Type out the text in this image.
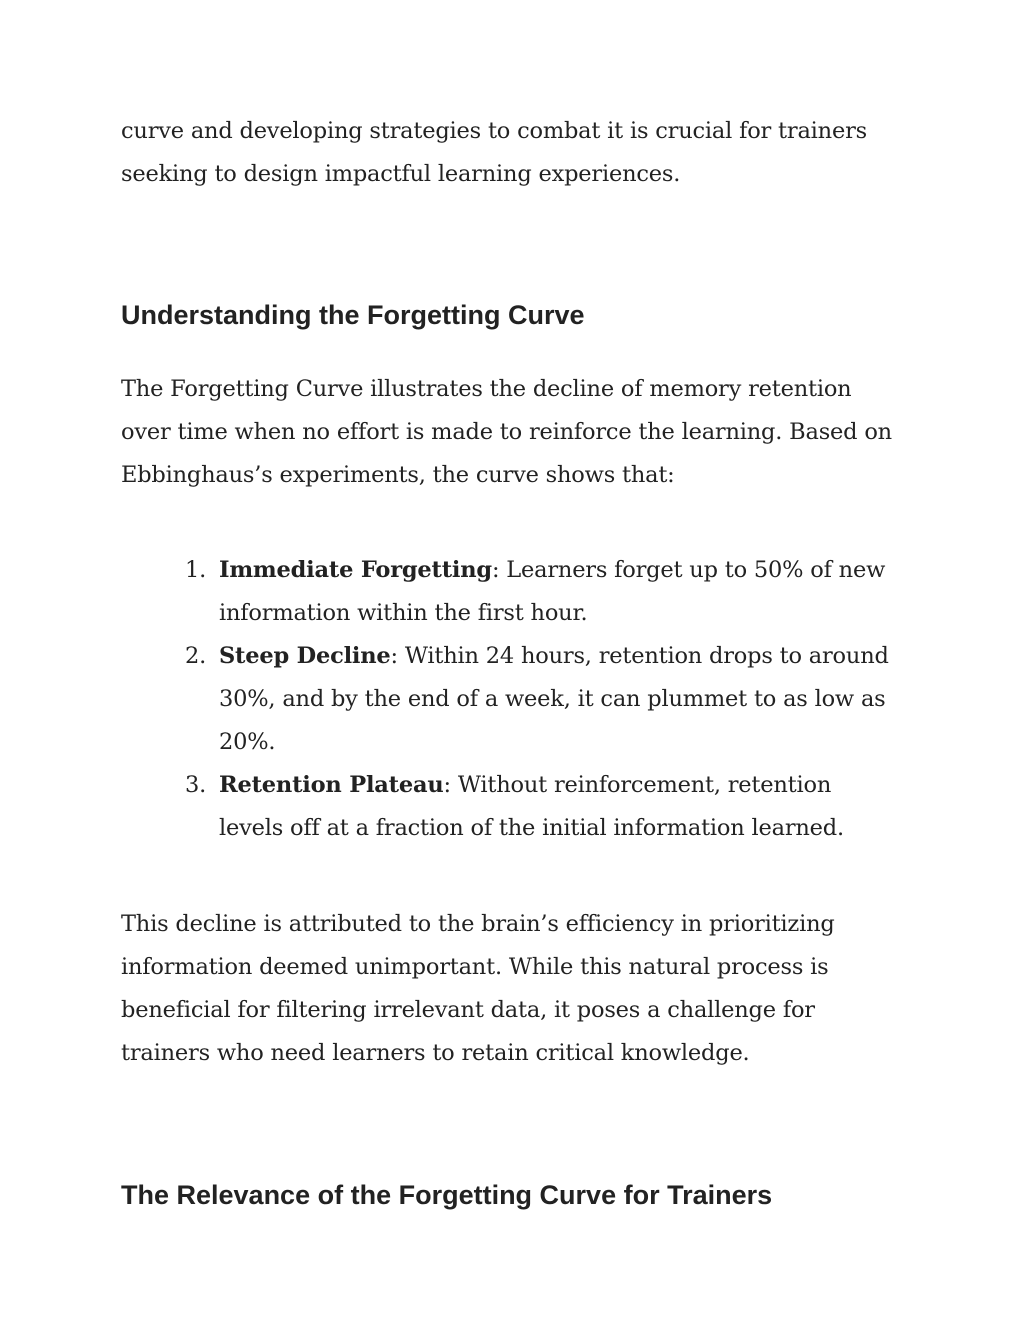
curve and developing strategies to combat it is crucial for trainers seeking to design impactful learning experiences.

Understanding the Forgetting Curve

The Forgetting Curve illustrates the decline of memory retention over time when no effort is made to reinforce the learning. Based on Ebbinghaus’s experiments, the curve shows that:

1. Immediate Forgetting: Learners forget up to 50% of new information within the first hour.
2. Steep Decline: Within 24 hours, retention drops to around 30%, and by the end of a week, it can plummet to as low as 20%.
3. Retention Plateau: Without reinforcement, retention levels off at a fraction of the initial information learned.

This decline is attributed to the brain’s efficiency in prioritizing information deemed unimportant. While this natural process is beneficial for filtering irrelevant data, it poses a challenge for trainers who need learners to retain critical knowledge.

The Relevance of the Forgetting Curve for Trainers
